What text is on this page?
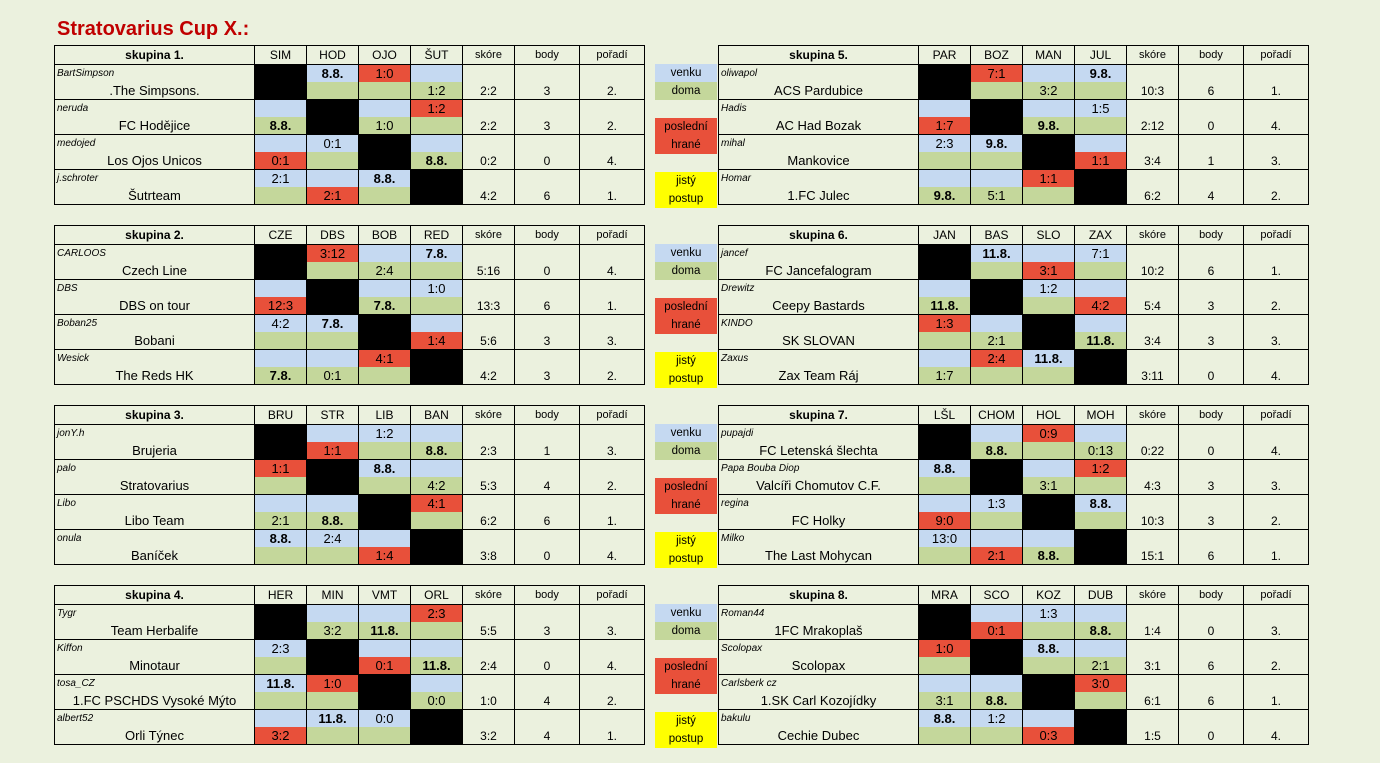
Stratovarius Cup X.:
skupina 1.	SIM	HOD	OJO	ŠUT	skóre	body	pořadí
BartSimpson		8.8.	1:0		2:2	3	2.
.The Simpsons.				1:2			
neruda				1:2	2:2	3	2.
FC Hodějice	8.8.		1:0				
medojed		0:1			0:2	0	4.
Los Ojos Unicos	0:1			8.8.			
j.schroter	2:1		8.8.		4:2	6	1.
Šutrteam		2:1					
skupina 5.	PAR	BOZ	MAN	JUL	skóre	body	pořadí
oliwapol		7:1		9.8.	10:3	6	1.
ACS Pardubice			3:2				
Hadis				1:5	2:12	0	4.
AC Had Bozak	1:7		9.8.				
mihal	2:3	9.8.			3:4	1	3.
Mankovice				1:1			
Homar			1:1		6:2	4	2.
1.FC Julec	9.8.	5:1					
skupina 2.	CZE	DBS	BOB	RED	skóre	body	pořadí
CARLOOS		3:12		7.8.	5:16	0	4.
Czech Line			2:4				
DBS				1:0	13:3	6	1.
DBS on tour	12:3		7.8.				
Boban25	4:2	7.8.			5:6	3	3.
Bobani				1:4			
Wesick			4:1		4:2	3	2.
The Reds HK	7.8.	0:1					
skupina 6.	JAN	BAS	SLO	ZAX	skóre	body	pořadí
jancef		11.8.		7:1	10:2	6	1.
FC Jancefalogram			3:1				
Drewitz			1:2		5:4	3	2.
Ceepy Bastards	11.8.			4:2			
KINDO	1:3				3:4	3	3.
SK SLOVAN		2:1		11.8.			
Zaxus		2:4	11.8.		3:11	0	4.
Zax Team Ráj	1:7						
skupina 3.	BRU	STR	LIB	BAN	skóre	body	pořadí
jonY.h			1:2		2:3	1	3.
Brujeria		1:1		8.8.			
palo	1:1		8.8.		5:3	4	2.
Stratovarius				4:2			
Libo				4:1	6:2	6	1.
Libo Team	2:1	8.8.					
onula	8.8.	2:4			3:8	0	4.
Baníček			1:4				
skupina 7.	LŠL	CHOM	HOL	MOH	skóre	body	pořadí
pupajdi			0:9		0:22	0	4.
FC Letenská šlechta		8.8.		0:13			
Papa Bouba Diop	8.8.			1:2	4:3	3	3.
Valcíři Chomutov C.F.			3:1				
regina		1:3		8.8.	10:3	3	2.
FC Holky	9:0						
Milko	13:0				15:1	6	1.
The Last Mohycan		2:1	8.8.				
skupina 4.	HER	MIN	VMT	ORL	skóre	body	pořadí
Tygr				2:3	5:5	3	3.
Team Herbalife		3:2	11.8.				
Kiffon	2:3				2:4	0	4.
Minotaur			0:1	11.8.			
tosa_CZ	11.8.	1:0			1:0	4	2.
1.FC PSCHDS Vysoké Mýto				0:0			
albert52		11.8.	0:0		3:2	4	1.
Orli Týnec	3:2						
skupina 8.	MRA	SCO	KOZ	DUB	skóre	body	pořadí
Roman44			1:3		1:4	0	3.
1FC Mrakoplaš		0:1		8.8.			
Scolopax	1:0		8.8.		3:1	6	2.
Scolopax				2:1			
Carlsberk cz				3:0	6:1	6	1.
1.SK Carl Kozojídky	3:1	8.8.					
bakulu	8.8.	1:2			1:5	0	4.
Cechie Dubec			0:3				
venku
doma
poslední
hrané
jistý
postup
venku
doma
poslední
hrané
jistý
postup
venku
doma
poslední
hrané
jistý
postup
venku
doma
poslední
hrané
jistý
postup
